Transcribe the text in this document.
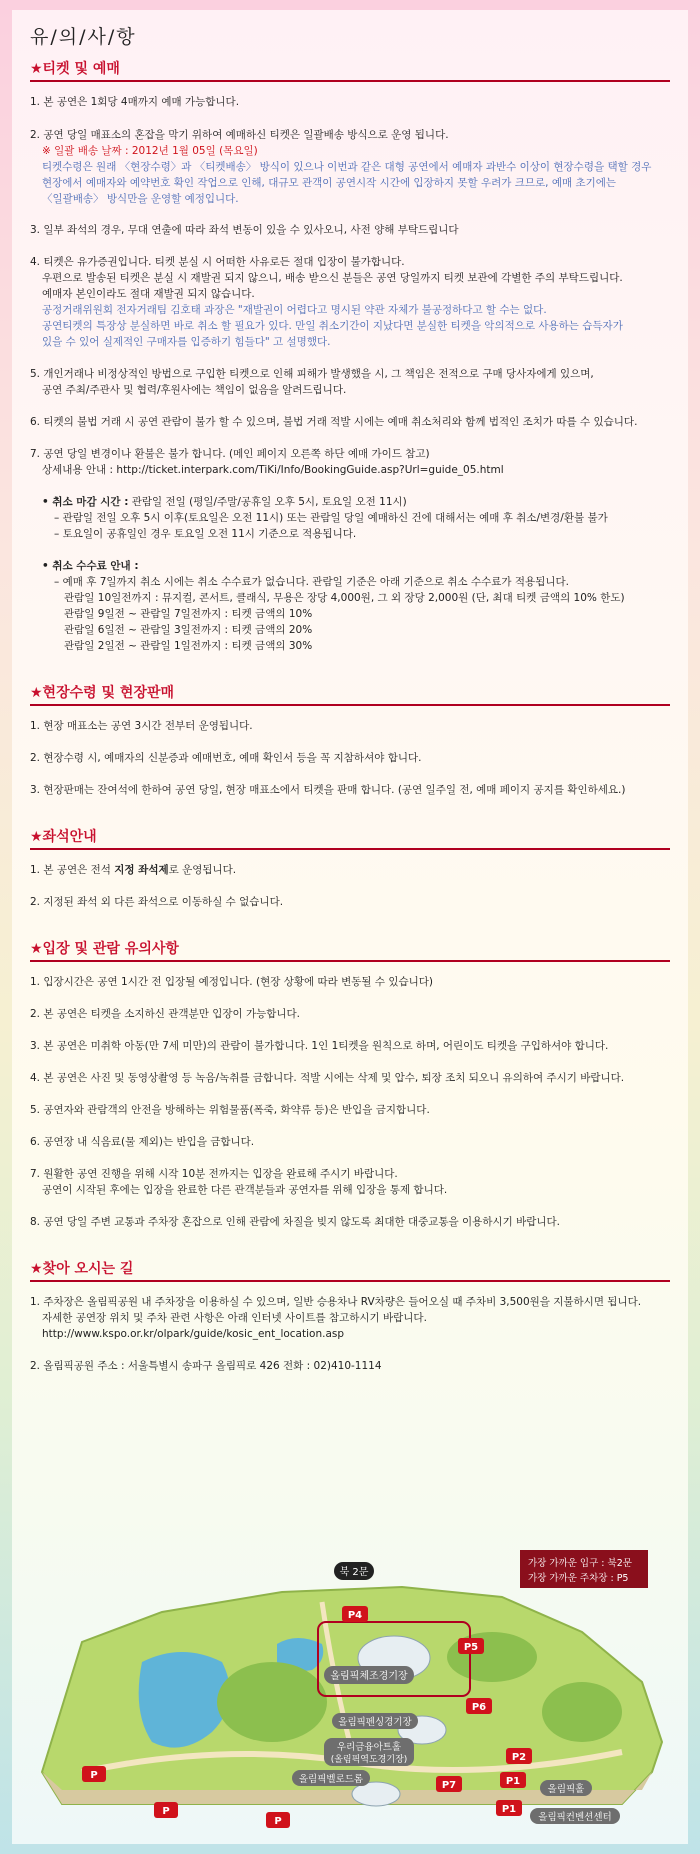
유/의/사/항
★티켓 및 예매
1. 본 공연은 1회당 4매까지 예매 가능합니다.
2. 공연 당일 매표소의 혼잡을 막기 위하여 예매하신 티켓은 일괄배송 방식으로 운영 됩니다.
※ 일괄 배송 날짜 : 2012년 1월 05일 (목요일)
티켓수령은 원래 〈현장수령〉과 〈티켓배송〉 방식이 있으나 이번과 같은 대형 공연에서 예매자 과반수 이상이 현장수령을 택할 경우
현장에서 예매자와 예약번호 확인 작업으로 인해, 대규모 관객이 공연시작 시간에 입장하지 못할 우려가 크므로, 예매 초기에는
〈일괄배송〉 방식만을 운영할 예정입니다.
3. 일부 좌석의 경우, 무대 연출에 따라 좌석 변동이 있을 수 있사오니, 사전 양해 부탁드립니다
4. 티켓은 유가증권입니다. 티켓 분실 시 어떠한 사유로든 절대 입장이 불가합니다.
우편으로 발송된 티켓은 분실 시 재발권 되지 않으니, 배송 받으신 분들은 공연 당일까지 티켓 보관에 각별한 주의 부탁드립니다.
예매자 본인이라도 절대 재발권 되지 않습니다.
공정거래위원회 전자거래팀 김호태 과장은 "재발권이 어렵다고 명시된 약관 자체가 불공정하다고 할 수는 없다.
공연티켓의 특장상 분실하면 바로 취소 할 필요가 있다. 만일 취소기간이 지났다면 분실한 티켓을 악의적으로 사용하는 습득자가
있을 수 있어 실제적인 구매자를 입증하기 힘들다" 고 설명했다.
5. 개인거래나 비정상적인 방법으로 구입한 티켓으로 인해 피해가 발생했을 시, 그 책임은 전적으로 구매 당사자에게 있으며,
공연 주최/주관사 및 협력/후원사에는 책임이 없음을 알려드립니다.
6. 티켓의 불법 거래 시 공연 관람이 불가 할 수 있으며, 불법 거래 적발 시에는 예매 취소처리와 함께 법적인 조치가 따를 수 있습니다.
7. 공연 당일 변경이나 환불은 불가 합니다. (메인 페이지 오른쪽 하단 예매 가이드 참고)
상세내용 안내 : http://ticket.interpark.com/TiKi/Info/BookingGuide.asp?Url=guide_05.html
• 취소 마감 시간 : 관람일 전일 (평일/주말/공휴일 오후 5시, 토요일 오전 11시)
– 관람일 전일 오후 5시 이후(토요일은 오전 11시) 또는 관람일 당일 예매하신 건에 대해서는 예매 후 취소/변경/환불 불가
– 토요일이 공휴일인 경우 토요일 오전 11시 기준으로 적용됩니다.
• 취소 수수료 안내 :
– 예매 후 7일까지 취소 시에는 취소 수수료가 없습니다. 관람일 기준은 아래 기준으로 취소 수수료가 적용됩니다.
관람일 10일전까지 : 뮤지컬, 콘서트, 클래식, 무용은 장당 4,000원, 그 외 장당 2,000원 (단, 최대 티켓 금액의 10% 한도)
관람일 9일전 ~ 관람일 7일전까지 : 티켓 금액의 10%
관람일 6일전 ~ 관람일 3일전까지 : 티켓 금액의 20%
관람일 2일전 ~ 관람일 1일전까지 : 티켓 금액의 30%
★현장수령 및 현장판매
1. 현장 매표소는 공연 3시간 전부터 운영됩니다.
2. 현장수령 시, 예매자의 신분증과 예매번호, 예매 확인서 등을 꼭 지참하셔야 합니다.
3. 현장판매는 잔여석에 한하여 공연 당일, 현장 매표소에서 티켓을 판매 합니다. (공연 일주일 전, 예매 페이지 공지를 확인하세요.)
★좌석안내
1. 본 공연은 전석 지정 좌석제로 운영됩니다.
2. 지정된 좌석 외 다른 좌석으로 이동하실 수 없습니다.
★입장 및 관람 유의사항
1. 입장시간은 공연 1시간 전 입장될 예정입니다. (현장 상황에 따라 변동될 수 있습니다)
2. 본 공연은 티켓을 소지하신 관객분만 입장이 가능합니다.
3. 본 공연은 미취학 아동(만 7세 미만)의 관람이 불가합니다. 1인 1티켓을 원칙으로 하며, 어린이도 티켓을 구입하셔야 합니다.
4. 본 공연은 사진 및 동영상촬영 등 녹음/녹취를 금합니다. 적발 시에는 삭제 및 압수, 퇴장 조치 되오니 유의하여 주시기 바랍니다.
5. 공연자와 관람객의 안전을 방해하는 위험물품(폭죽, 화약류 등)은 반입을 금지합니다.
6. 공연장 내 식음료(물 제외)는 반입을 금합니다.
7. 원활한 공연 진행을 위해 시작 10분 전까지는 입장을 완료해 주시기 바랍니다.
공연이 시작된 후에는 입장을 완료한 다른 관객분들과 공연자를 위해 입장을 통제 합니다.
8. 공연 당일 주변 교통과 주차장 혼잡으로 인해 관람에 차질을 빚지 않도록 최대한 대중교통을 이용하시기 바랍니다.
★찾아 오시는 길
1. 주차장은 올림픽공원 내 주차장을 이용하실 수 있으며, 일반 승용차나 RV차량은 들어오실 때 주차비 3,500원을 지불하시면 됩니다.
자세한 공연장 위치 및 주차 관련 사항은 아래 인터넷 사이트를 참고하시기 바랍니다.
http://www.kspo.or.kr/olpark/guide/kosic_ent_location.asp
2. 올림픽공원 주소 : 서울특별시 송파구 올림픽로 426 전화 : 02)410-1114
북 2문
가장 가까운 입구 : 북2문
가장 가까운 주차장 : P5
올림픽체조경기장
올림픽펜싱경기장
우리금융아트홀
(올림픽역도경기장)
올림픽벨로드롬
올림픽홀
올림픽컨벤션센터
P4
P5
P6
P2
P7	P1
P1
P
P
P
